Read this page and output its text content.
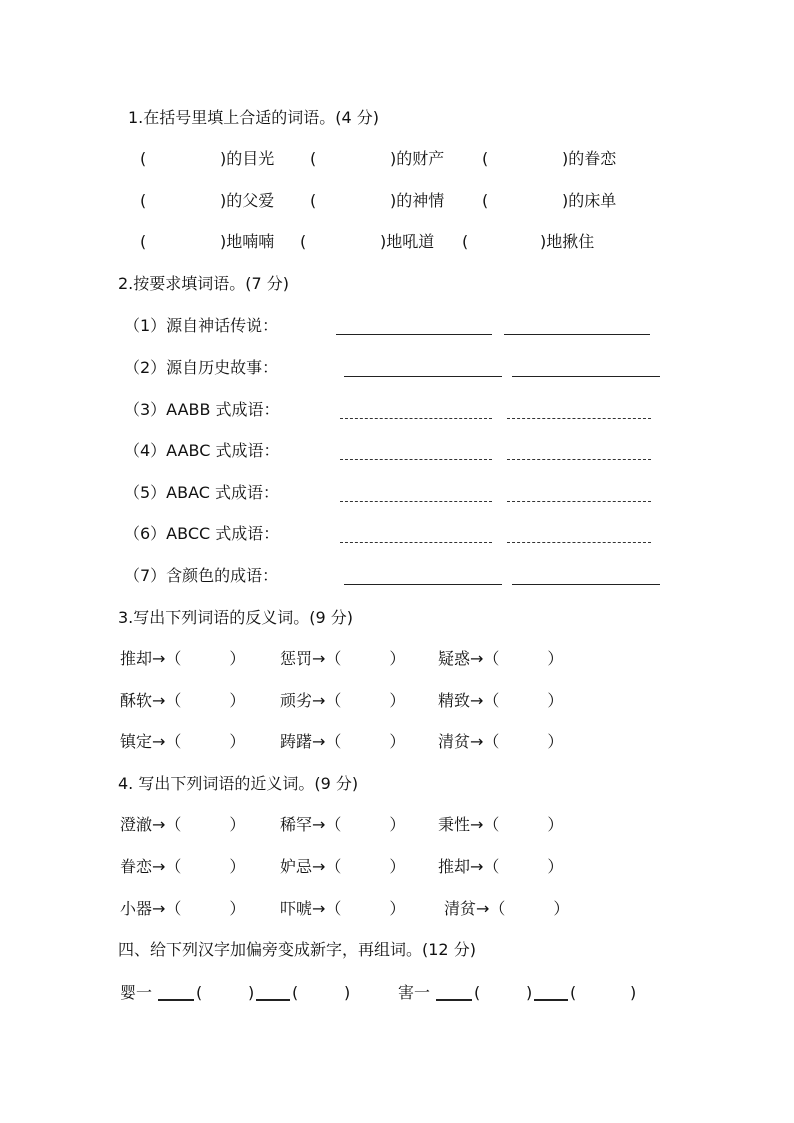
1.在括号里填上合适的词语。(4 分)
(	)的目光 (	)的财产 (	)的眷恋
(	)的父爱 (	)的神情 (	)的床单
(	)地喃喃 (	)地吼道 (	)地揪住
2.按要求填词语。(7 分)
（1）源自神话传说：
（2）源自历史故事：
（3）AABB 式成语：
（4）AABC 式成语：
（5）ABAC 式成语：
（6）ABCC 式成语：
（7）含颜色的成语：
3.写出下列词语的反义词。(9 分)
推却→（　　　） 惩罚→（　　　） 疑惑→（　　　）
酥软→（　　　） 顽劣→（　　　） 精致→（　　　）
镇定→（　　　） 踌躇→（　　　） 清贫→（　　　）
4. 写出下列词语的近义词。(9 分)
澄澈→（　　　） 稀罕→（　　　） 秉性→（　　　）
眷恋→（　　　） 妒忌→（　　　） 推却→（　　　）
小器→（　　　） 吓唬→（　　　） 清贫→（　　　）
四、给下列汉字加偏旁变成新字，再组词。(12 分)
婴一	(	) (	)	害一	(	) (	)
